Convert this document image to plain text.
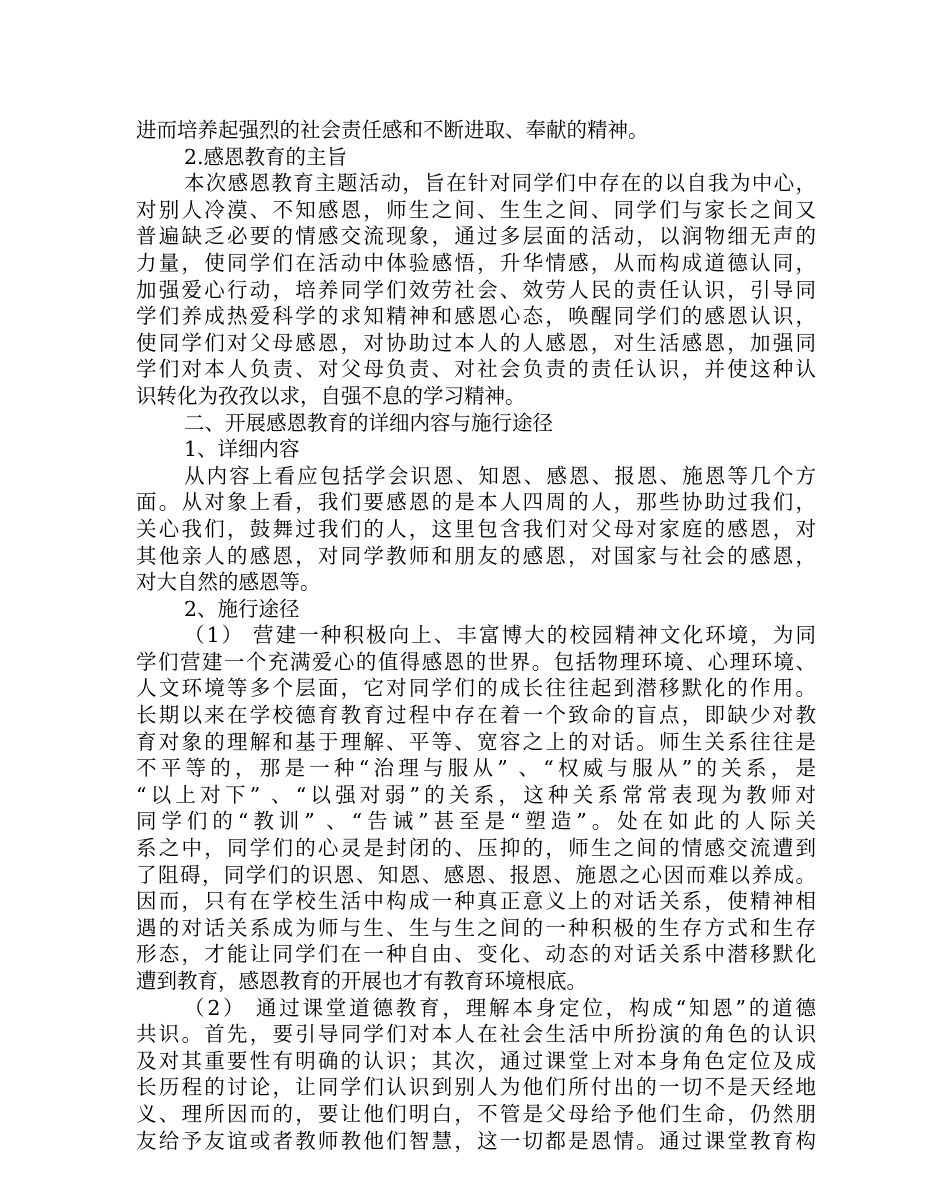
进而培养起强烈的社会责任感和不断进取、奉献的精神。
2.感恩教育的主旨
本次感恩教育主题活动，旨在针对同学们中存在的以自我为中心，
对别人冷漠、不知感恩，师生之间、生生之间、同学们与家长之间又
普遍缺乏必要的情感交流现象，通过多层面的活动，以润物细无声的
力量，使同学们在活动中体验感悟，升华情感，从而构成道德认同，
加强爱心行动，培养同学们效劳社会、效劳人民的责任认识，引导同
学们养成热爱科学的求知精神和感恩心态，唤醒同学们的感恩认识，
使同学们对父母感恩，对协助过本人的人感恩，对生活感恩，加强同
学们对本人负责、对父母负责、对社会负责的责任认识，并使这种认
识转化为孜孜以求，自强不息的学习精神。
二、开展感恩教育的详细内容与施行途径
1、详细内容
从内容上看应包括学会识恩、知恩、感恩、报恩、施恩等几个方
面。从对象上看，我们要感恩的是本人四周的人，那些协助过我们，
关心我们，鼓舞过我们的人，这里包含我们对父母对家庭的感恩，对
其他亲人的感恩，对同学教师和朋友的感恩，对国家与社会的感恩，
对大自然的感恩等。
2、施行途径
（1） 营建一种积极向上、丰富博大的校园精神文化环境，为同
学们营建一个充满爱心的值得感恩的世界。包括物理环境、心理环境、
人文环境等多个层面，它对同学们的成长往往起到潜移默化的作用。
长期以来在学校德育教育过程中存在着一个致命的盲点，即缺少对教
育对象的理解和基于理解、平等、宽容之上的对话。师生关系往往是
不平等的，那是一种“治理与服从” 、“权威与服从”的关系，是
“以上对下” 、“以强对弱”的关系，这种关系常常表现为教师对
同学们的“教训” 、“告诫”甚至是“塑造”。处在如此的人际关
系之中，同学们的心灵是封闭的、压抑的，师生之间的情感交流遭到
了阻碍，同学们的识恩、知恩、感恩、报恩、施恩之心因而难以养成。
因而，只有在学校生活中构成一种真正意义上的对话关系，使精神相
遇的对话关系成为师与生、生与生之间的一种积极的生存方式和生存
形态，才能让同学们在一种自由、变化、动态的对话关系中潜移默化
遭到教育，感恩教育的开展也才有教育环境根底。
（2） 通过课堂道德教育，理解本身定位，构成“知恩”的道德
共识。首先，要引导同学们对本人在社会生活中所扮演的角色的认识
及对其重要性有明确的认识；其次，通过课堂上对本身角色定位及成
长历程的讨论，让同学们认识到别人为他们所付出的一切不是天经地
义、理所因而的，要让他们明白，不管是父母给予他们生命，仍然朋
友给予友谊或者教师教他们智慧，这一切都是恩情。通过课堂教育构
